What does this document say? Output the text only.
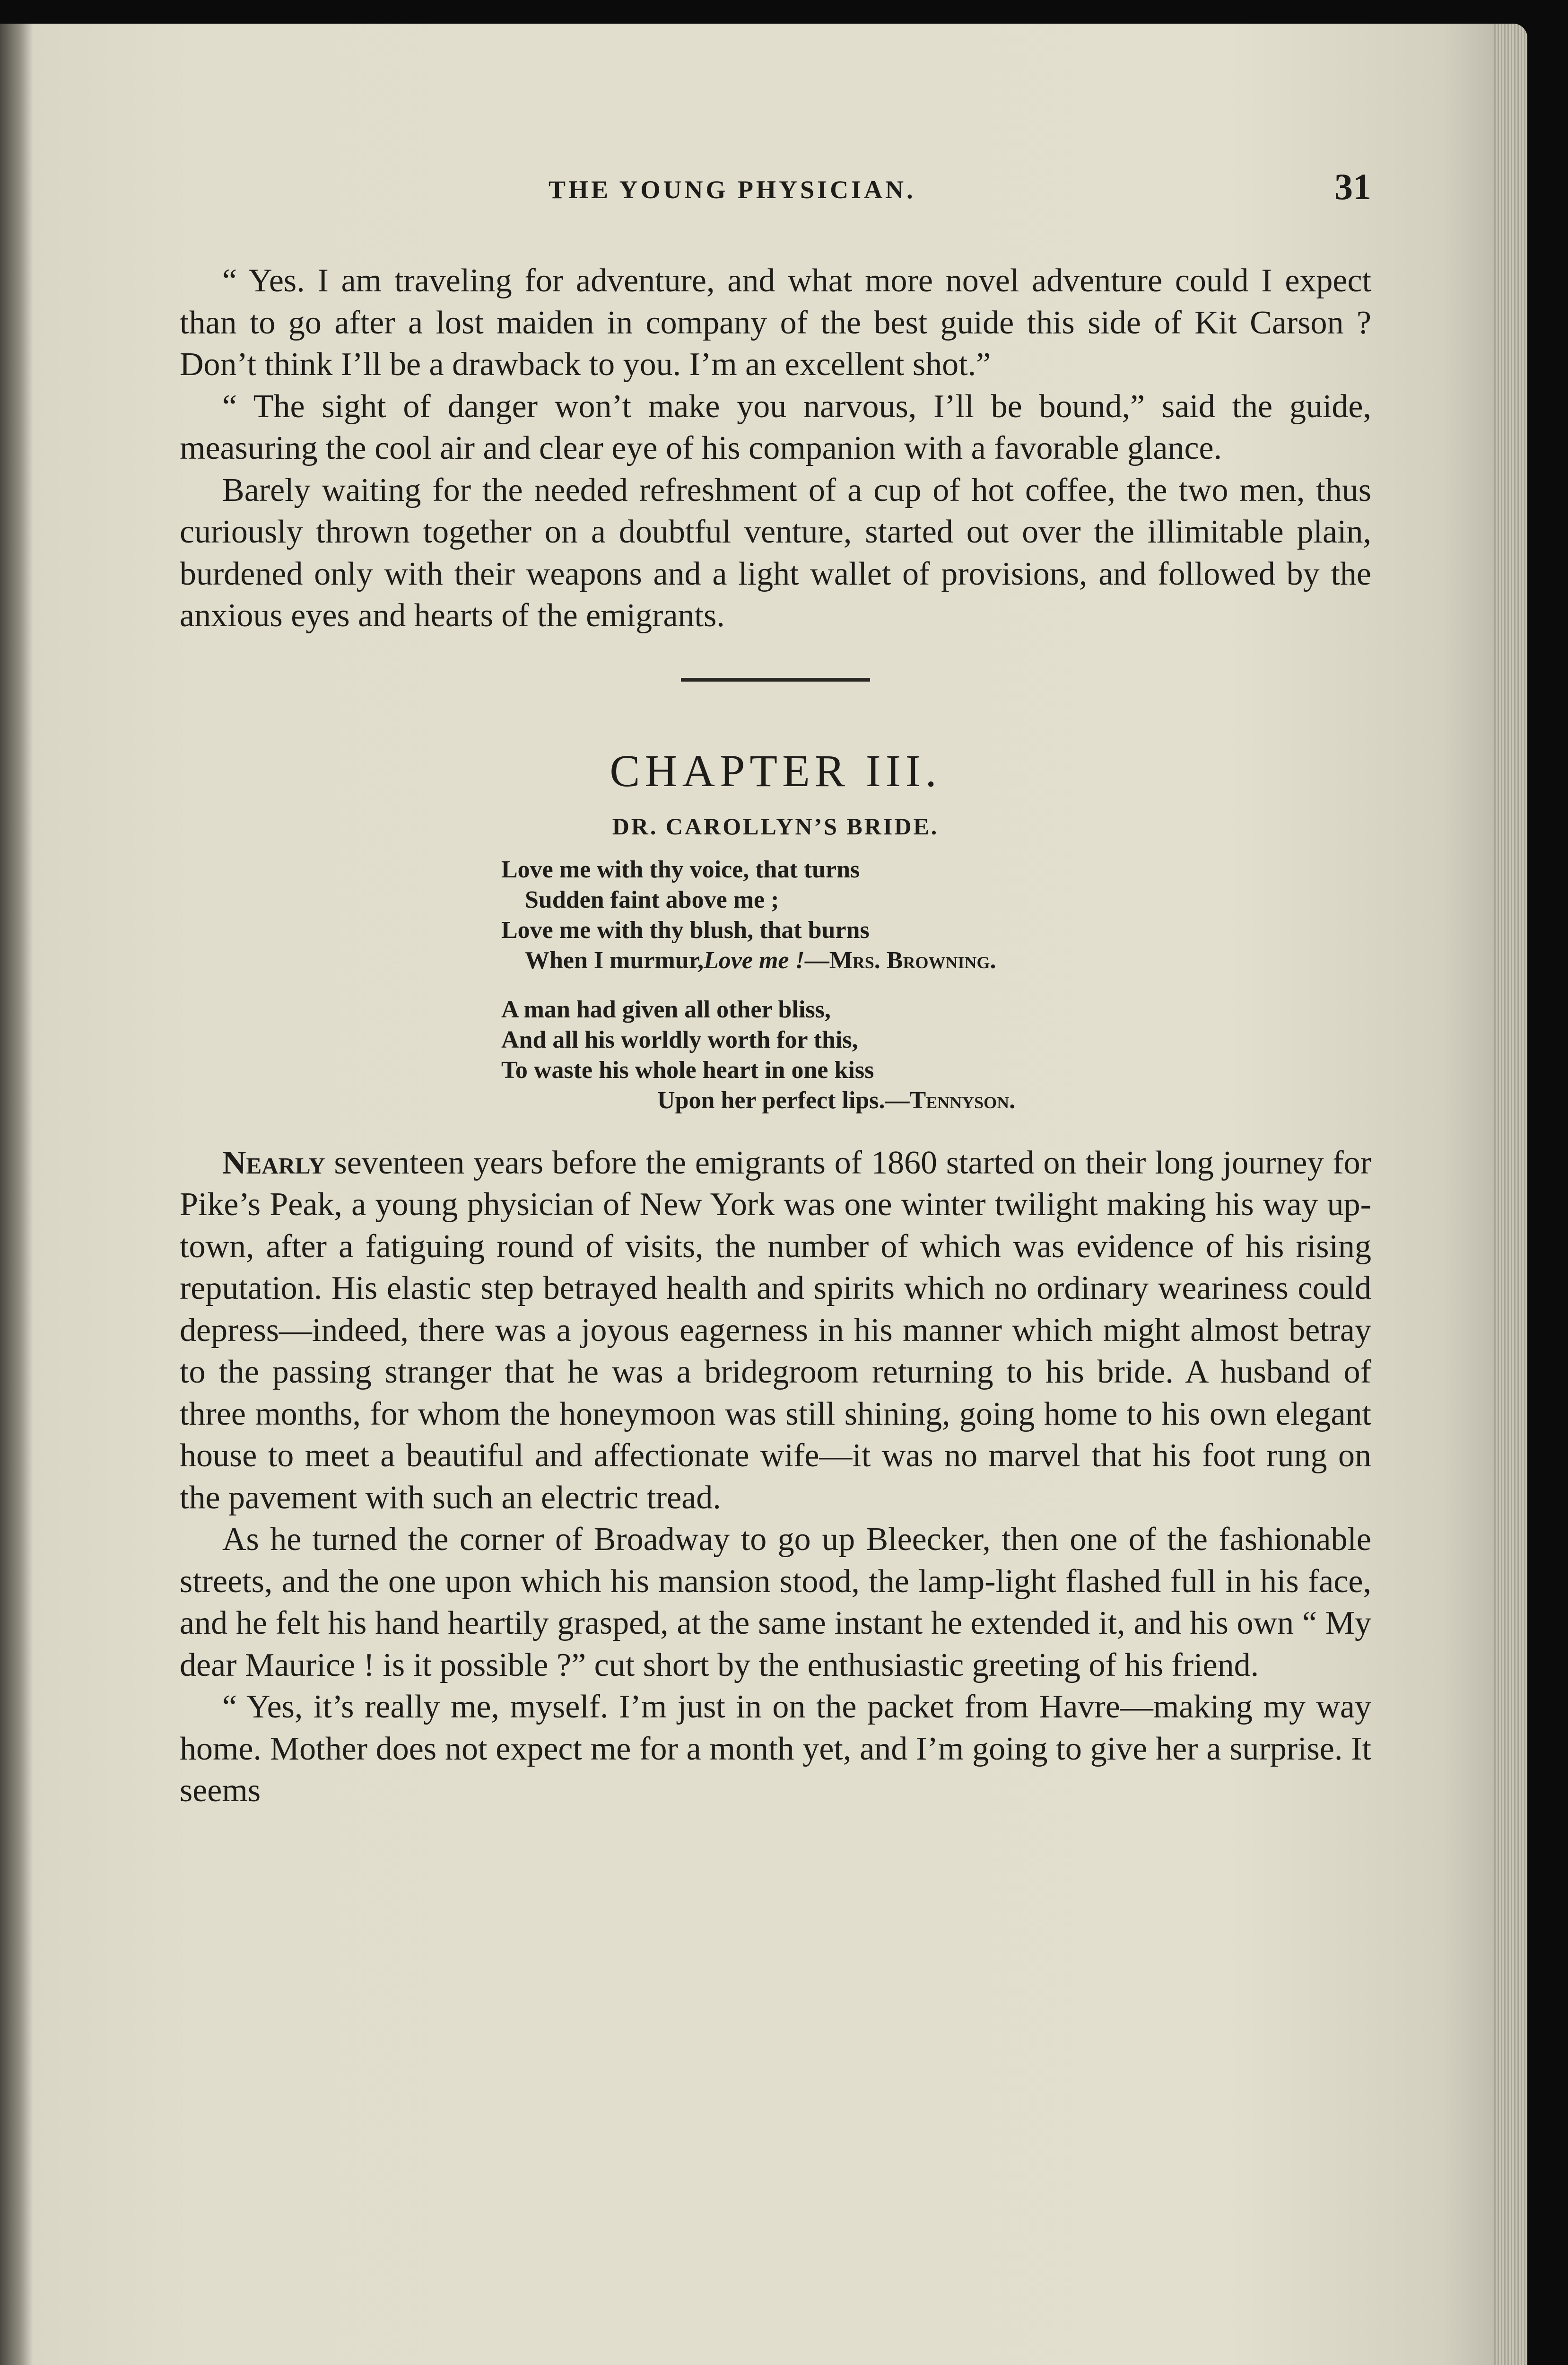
THE YOUNG PHYSICIAN.	31

“ Yes. I am traveling for adventure, and what more novel adventure could I expect than to go after a lost maiden in company of the best guide this side of Kit Carson ? Don’t think I’ll be a drawback to you. I’m an excellent shot.”

“ The sight of danger won’t make you narvous, I’ll be bound,” said the guide, measuring the cool air and clear eye of his companion with a favorable glance.

Barely waiting for the needed refreshment of a cup of hot coffee, the two men, thus curiously thrown together on a doubtful venture, started out over the illimitable plain, burdened only with their weapons and a light wallet of provisions, and followed by the anxious eyes and hearts of the emigrants.

CHAPTER III.
DR. CAROLLYN’S BRIDE.
Love me with thy voice, that turns
Sudden faint above me ;
Love me with thy blush, that burns
When I murmur,Love me !—Mrs. Browning.
A man had given all other bliss,
And all his worldly worth for this,
To waste his whole heart in one kiss
Upon her perfect lips.—Tennyson.

Nearly seventeen years before the emigrants of 1860 started on their long journey for Pike’s Peak, a young physician of New York was one winter twilight making his way up-town, after a fatiguing round of visits, the number of which was evidence of his rising reputation. His elastic step betrayed health and spirits which no ordinary weariness could depress—indeed, there was a joyous eagerness in his manner which might almost betray to the passing stranger that he was a bridegroom returning to his bride. A husband of three months, for whom the honeymoon was still shining, going home to his own elegant house to meet a beautiful and affectionate wife—it was no marvel that his foot rung on the pavement with such an electric tread.

As he turned the corner of Broadway to go up Bleecker, then one of the fashionable streets, and the one upon which his mansion stood, the lamp-light flashed full in his face, and he felt his hand heartily grasped, at the same instant he extended it, and his own “ My dear Maurice ! is it possible ?” cut short by the enthusiastic greeting of his friend.

“ Yes, it’s really me, myself. I’m just in on the packet from Havre—making my way home. Mother does not expect me for a month yet, and I’m going to give her a surprise. It seems
